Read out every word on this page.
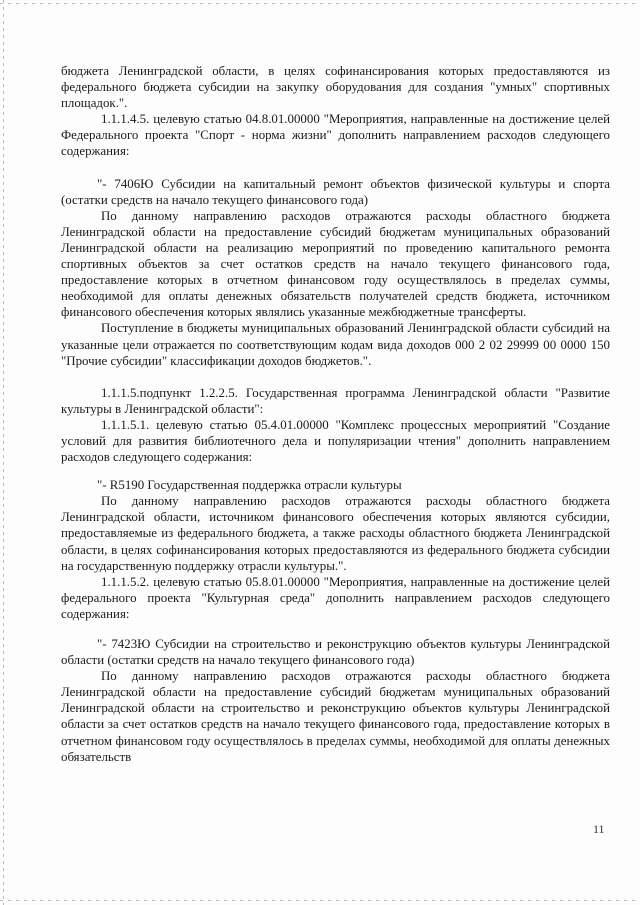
бюджета Ленинградской области, в целях софинансирования которых предоставляются из федерального бюджета субсидии на закупку оборудования для создания "умных" спортивных площадок.".

1.1.1.4.5. целевую статью 04.8.01.00000 "Мероприятия, направленные на достижение целей Федерального проекта "Спорт - норма жизни" дополнить направлением расходов следующего содержания:

"- 7406Ю Субсидии на капитальный ремонт объектов физической культуры и спорта (остатки средств на начало текущего финансового года)

По данному направлению расходов отражаются расходы областного бюджета Ленинградской области на предоставление субсидий бюджетам муниципальных образований Ленинградской области на реализацию мероприятий по проведению капитального ремонта спортивных объектов за счет остатков средств на начало текущего финансового года, предоставление которых в отчетном финансовом году осуществлялось в пределах суммы, необходимой для оплаты денежных обязательств получателей средств бюджета, источником финансового обеспечения которых являлись указанные межбюджетные трансферты.

Поступление в бюджеты муниципальных образований Ленинградской области субсидий на указанные цели отражается по соответствующим кодам вида доходов 000 2 02 29999 00 0000 150 "Прочие субсидии" классификации доходов бюджетов.".

1.1.1.5.подпункт 1.2.2.5. Государственная программа Ленинградской области "Развитие культуры в Ленинградской области":

1.1.1.5.1. целевую статью 05.4.01.00000 "Комплекс процессных мероприятий "Создание условий для развития библиотечного дела и популяризации чтения" дополнить направлением расходов следующего содержания:

"- R5190 Государственная поддержка отрасли культуры

По данному направлению расходов отражаются расходы областного бюджета Ленинградской области, источником финансового обеспечения которых являются субсидии, предоставляемые из федерального бюджета, а также расходы областного бюджета Ленинградской области, в целях софинансирования которых предоставляются из федерального бюджета субсидии на государственную поддержку отрасли культуры.".

1.1.1.5.2. целевую статью 05.8.01.00000 "Мероприятия, направленные на достижение целей федерального проекта "Культурная среда" дополнить направлением расходов следующего содержания:

"- 7423Ю Субсидии на строительство и реконструкцию объектов культуры Ленинградской области (остатки средств на начало текущего финансового года)

По данному направлению расходов отражаются расходы областного бюджета Ленинградской области на предоставление субсидий бюджетам муниципальных образований Ленинградской области на строительство и реконструкцию объектов культуры Ленинградской области за счет остатков средств на начало текущего финансового года, предоставление которых в отчетном финансовом году осуществлялось в пределах суммы, необходимой для оплаты денежных обязательств

11
